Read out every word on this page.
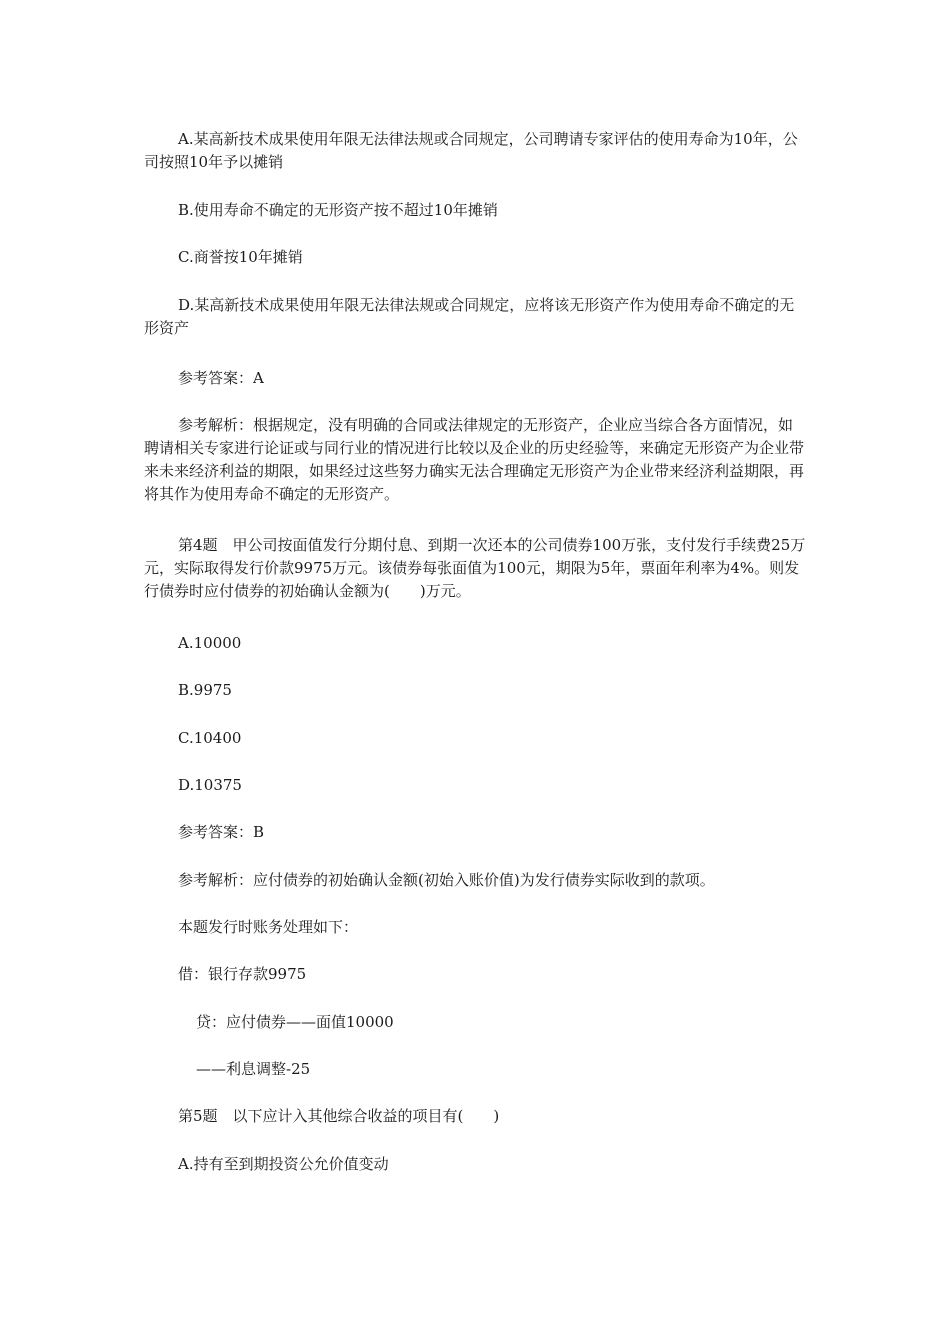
A.某高新技术成果使用年限无法律法规或合同规定，公司聘请专家评估的使用寿命为10年，公司按照10年予以摊销

B.使用寿命不确定的无形资产按不超过10年摊销

C.商誉按10年摊销

D.某高新技术成果使用年限无法律法规或合同规定，应将该无形资产作为使用寿命不确定的无形资产

参考答案：A

参考解析：根据规定，没有明确的合同或法律规定的无形资产，企业应当综合各方面情况，如聘请相关专家进行论证或与同行业的情况进行比较以及企业的历史经验等，来确定无形资产为企业带来未来经济利益的期限，如果经过这些努力确实无法合理确定无形资产为企业带来经济利益期限，再将其作为使用寿命不确定的无形资产。

第4题　甲公司按面值发行分期付息、到期一次还本的公司债券100万张，支付发行手续费25万元，实际取得发行价款9975万元。该债券每张面值为100元，期限为5年，票面年利率为4%。则发行债券时应付债券的初始确认金额为(　　)万元。

A.10000

B.9975

C.10400

D.10375

参考答案：B

参考解析：应付债券的初始确认金额(初始入账价值)为发行债券实际收到的款项。

本题发行时账务处理如下：

借：银行存款9975

贷：应付债券——面值10000

——利息调整-25

第5题　以下应计入其他综合收益的项目有(　　)

A.持有至到期投资公允价值变动
